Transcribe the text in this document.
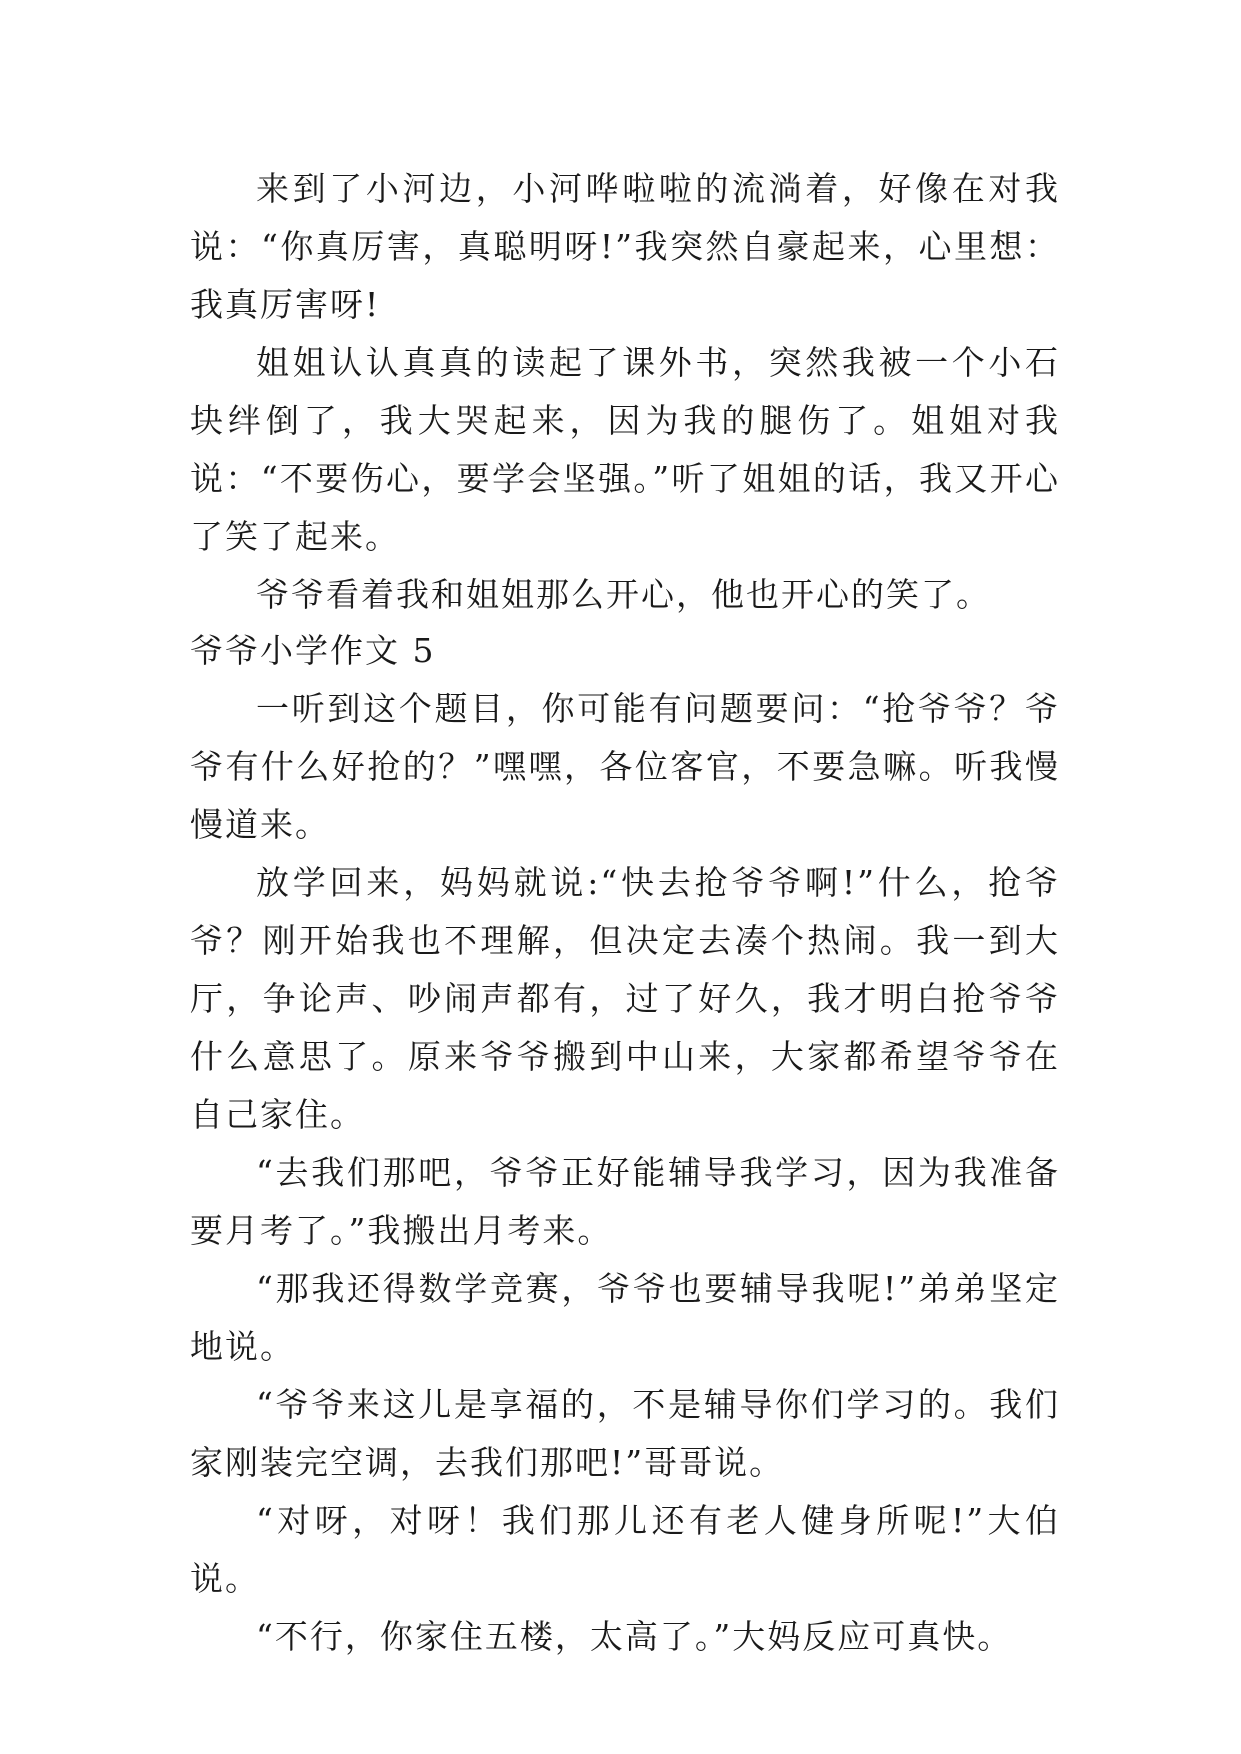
来到了小河边，小河哗啦啦的流淌着，好像在对我说：“你真厉害，真聪明呀!”我突然自豪起来，心里想：我真厉害呀!

姐姐认认真真的读起了课外书，突然我被一个小石块绊倒了，我大哭起来，因为我的腿伤了。姐姐对我说：“不要伤心，要学会坚强。”听了姐姐的话，我又开心了笑了起来。

爷爷看着我和姐姐那么开心，他也开心的笑了。

爷爷小学作文 5

一听到这个题目，你可能有问题要问：“抢爷爷？爷爷有什么好抢的？”嘿嘿，各位客官，不要急嘛。听我慢慢道来。

放学回来，妈妈就说:“快去抢爷爷啊!”什么，抢爷爷？刚开始我也不理解，但决定去凑个热闹。我一到大厅，争论声、吵闹声都有，过了好久，我才明白抢爷爷什么意思了。原来爷爷搬到中山来，大家都希望爷爷在自己家住。

“去我们那吧，爷爷正好能辅导我学习，因为我准备要月考了。”我搬出月考来。

“那我还得数学竞赛，爷爷也要辅导我呢!”弟弟坚定地说。

“爷爷来这儿是享福的，不是辅导你们学习的。我们家刚装完空调，去我们那吧!”哥哥说。

“对呀，对呀！我们那儿还有老人健身所呢!”大伯说。

“不行，你家住五楼，太高了。”大妈反应可真快。
